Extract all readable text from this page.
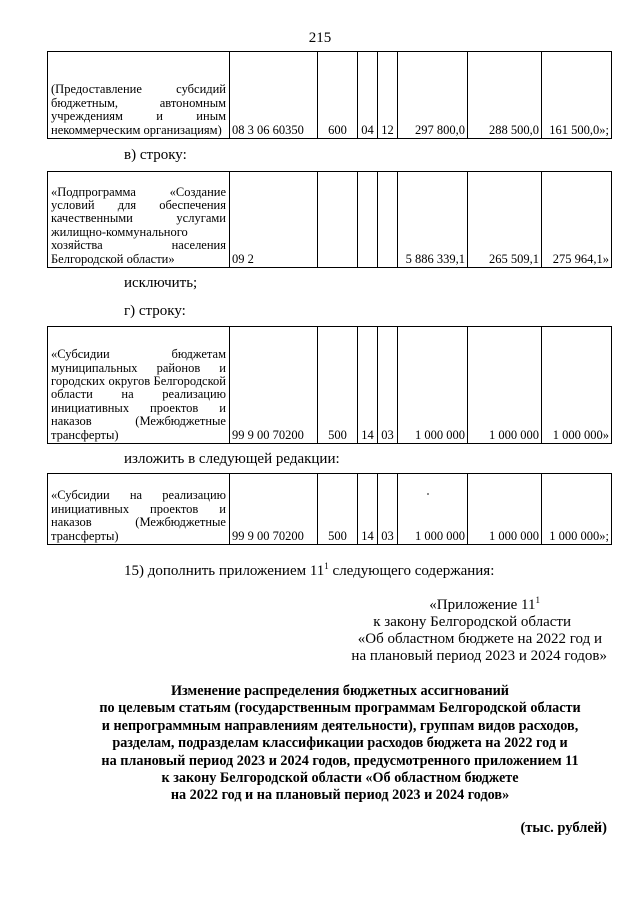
215
(Предоставление субсидий бюджетным, автономным учреждениям и иным некоммерческим организациям)	08 3 06 60350	600	04	12	297 800,0	288 500,0	161 500,0»;
в) строку:
«Подпрограмма «Создание условий для обеспечения качественными услугами жилищно-коммунального хозяйства населения Белгородской области»	09 2				5 886 339,1	265 509,1	275 964,1»
исключить;
г) строку:
«Субсидии бюджетам муниципальных районов и городских округов Белгородской области на реализацию инициативных проектов и наказов (Межбюджетные трансферты)	99 9 00 70200	500	14	03	1 000 000	1 000 000	1 000 000»
изложить в следующей редакции:
«Субсидии на реализацию инициативных проектов и наказов (Межбюджетные трансферты)	99 9 00 70200	500	14	03	1 000 000	1 000 000	1 000 000»;
15) дополнить приложением $11^1$ следующего содержания:
«Приложение $11^1$
к закону Белгородской области
«Об областном бюджете на 2022 год и
на плановый период 2023 и 2024 годов»
Изменение распределения бюджетных ассигнований
по целевым статьям (государственным программам Белгородской области
и непрограммным направлениям деятельности), группам видов расходов,
разделам, подразделам классификации расходов бюджета на 2022 год и
на плановый период 2023 и 2024 годов, предусмотренного приложением 11
к закону Белгородской области «Об областном бюджете
на 2022 год и на плановый период 2023 и 2024 годов»
(тыс. рублей)
